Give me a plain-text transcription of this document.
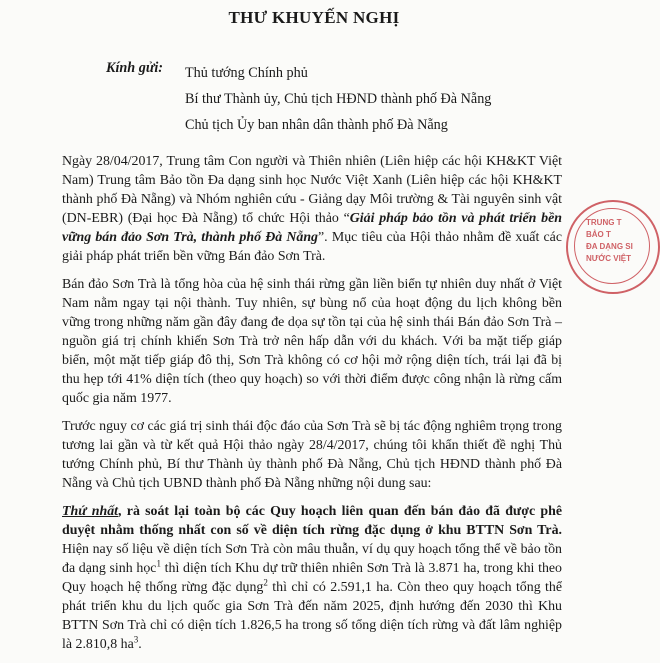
THƯ KHUYẾN NGHỊ
Kính gửi: Thủ tướng Chính phủ
Bí thư Thành ủy, Chủ tịch HĐND thành phố Đà Nẵng
Chủ tịch Ủy ban nhân dân thành phố Đà Nẵng

Ngày 28/04/2017, Trung tâm Con người và Thiên nhiên (Liên hiệp các hội KH&KT Việt Nam) Trung tâm Bảo tồn Đa dạng sinh học Nước Việt Xanh (Liên hiệp các hội KH&KT thành phố Đà Nẵng) và Nhóm nghiên cứu - Giảng dạy Môi trường & Tài nguyên sinh vật (DN-EBR) (Đại học Đà Nẵng) tổ chức Hội thảo “Giải pháp bảo tồn và phát triển bền vững bán đảo Sơn Trà, thành phố Đà Nẵng”. Mục tiêu của Hội thảo nhằm đề xuất các giải pháp phát triển bền vững Bán đảo Sơn Trà.

Bán đảo Sơn Trà là tổng hòa của hệ sinh thái rừng gần liền biển tự nhiên duy nhất ở Việt Nam nằm ngay tại nội thành. Tuy nhiên, sự bùng nổ của hoạt động du lịch không bền vững trong những năm gần đây đang đe dọa sự tồn tại của hệ sinh thái Bán đảo Sơn Trà – nguồn giá trị chính khiến Sơn Trà trở nên hấp dẫn với du khách. Với ba mặt tiếp giáp biển, một mặt tiếp giáp đô thị, Sơn Trà không có cơ hội mở rộng diện tích, trái lại đã bị thu hẹp tới 41% diện tích (theo quy hoạch) so với thời điểm được công nhận là rừng cấm quốc gia năm 1977.

Trước nguy cơ các giá trị sinh thái độc đáo của Sơn Trà sẽ bị tác động nghiêm trọng trong tương lai gần và từ kết quả Hội thảo ngày 28/4/2017, chúng tôi khẩn thiết đề nghị Thủ tướng Chính phủ, Bí thư Thành ủy thành phố Đà Nẵng, Chủ tịch HĐND thành phố Đà Nẵng và Chủ tịch UBND thành phố Đà Nẵng những nội dung sau:

Thứ nhất, rà soát lại toàn bộ các Quy hoạch liên quan đến bán đảo đã được phê duyệt nhằm thống nhất con số về diện tích rừng đặc dụng ở khu BTTN Sơn Trà. Hiện nay số liệu về diện tích Sơn Trà còn mâu thuẫn, ví dụ quy hoạch tổng thể về bảo tồn đa dạng sinh học$^1$ thì diện tích Khu dự trữ thiên nhiên Sơn Trà là 3.871 ha, trong khi theo Quy hoạch hệ thống rừng đặc dụng$^2$ thì chỉ có 2.591,1 ha. Còn theo quy hoạch tổng thể phát triển khu du lịch quốc gia Sơn Trà đến năm 2025, định hướng đến 2030 thì Khu BTTN Sơn Trà chỉ có diện tích 1.826,5 ha trong số tổng diện tích rừng và đất lâm nghiệp là 2.810,8 $ha^3$.

TRUNG T
BẢO T
ĐA DẠNG SI
NƯỚC VIỆT
